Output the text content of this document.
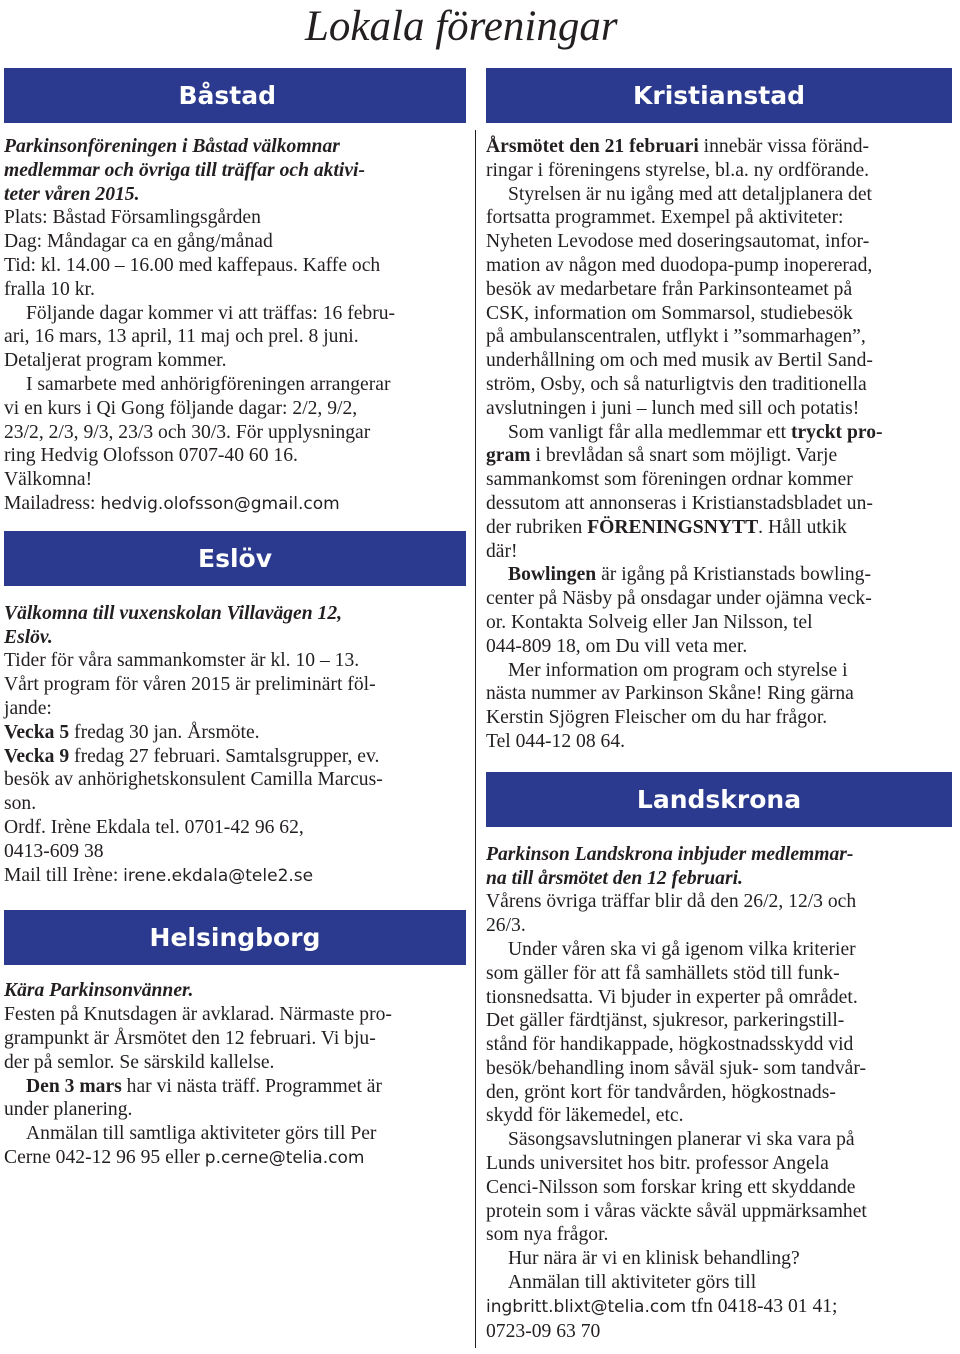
Lokala föreningar
Båstad

Parkinsonföreningen i Båstad välkomnar
medlemmar och övriga till träffar och aktivi-
teter våren 2015.

Plats: Båstad Församlingsgården
Dag: Måndagar ca en gång/månad
Tid: kl. 14.00 – 16.00 med kaffepaus. Kaffe och
fralla 10 kr.

Följande dagar kommer vi att träffas: 16 febru-
ari, 16 mars, 13 april, 11 maj och prel. 8 juni.
Detaljerat program kommer.

I samarbete med anhörigföreningen arrangerar
vi en kurs i Qi Gong följande dagar: 2/2, 9/2,
23/2, 2/3, 9/3, 23/3 och 30/3. För upplysningar
ring Hedvig Olofsson 0707-40 60 16.
Välkomna!

Mailadress: hedvig.olofsson@gmail.com

Eslöv

Välkomna till vuxenskolan Villavägen 12,
Eslöv.

Tider för våra sammankomster är kl. 10 – 13.
Vårt program för våren 2015 är preliminärt föl-
jande:
Vecka 5 fredag 30 jan. Årsmöte.
Vecka 9 fredag 27 februari. Samtalsgrupper, ev.
besök av anhörighetskonsulent Camilla Marcus-
son.
Ordf. Irène Ekdala tel. 0701-42 96 62,
0413-609 38
Mail till Irène: irene.ekdala@tele2.se

Helsingborg

Kära Parkinsonvänner.

Festen på Knutsdagen är avklarad. Närmaste pro-
grampunkt är Årsmötet den 12 februari. Vi bju-
der på semlor. Se särskild kallelse.

Den 3 mars har vi nästa träff. Programmet är

under planering.

Anmälan till samtliga aktiviteter görs till Per

Cerne 042-12 96 95 eller p.cerne@telia.com

Kristianstad

Årsmötet den 21 februari innebär vissa föränd-
ringar i föreningens styrelse, bl.a. ny ordförande.

Styrelsen är nu igång med att detaljplanera det

fortsatta programmet. Exempel på aktiviteter:
Nyheten Levodose med doseringsautomat, infor-
mation av någon med duodopa-pump inopererad,
besök av medarbetare från Parkinsonteamet på
CSK, information om Sommarsol, studiebesök
på ambulanscentralen, utflykt i ”sommarhagen”,
underhållning om och med musik av Bertil Sand-
ström, Osby, och så naturligtvis den traditionella
avslutningen i juni – lunch med sill och potatis!

Som vanligt får alla medlemmar ett tryckt pro-

gram i brevlådan så snart som möjligt. Varje
sammankomst som föreningen ordnar kommer
dessutom att annonseras i Kristianstadsbladet un-
der rubriken FÖRENINGSNYTT. Håll utkik
där!

Bowlingen är igång på Kristianstads bowling-

center på Näsby på onsdagar under ojämna veck-
or. Kontakta Solveig eller Jan Nilsson, tel
044-809 18, om Du vill veta mer.

Mer information om program och styrelse i

nästa nummer av Parkinson Skåne! Ring gärna
Kerstin Sjögren Fleischer om du har frågor.
Tel 044-12 08 64.

Landskrona

Parkinson Landskrona inbjuder medlemmar-
na till årsmötet den 12 februari.

Vårens övriga träffar blir då den 26/2, 12/3 och
26/3.

Under våren ska vi gå igenom vilka kriterier

som gäller för att få samhällets stöd till funk-
tionsnedsatta. Vi bjuder in experter på området.
Det gäller färdtjänst, sjukresor, parkeringstill-
stånd för handikappade, högkostnadsskydd vid
besök/behandling inom såväl sjuk- som tandvår-
den, grönt kort för tandvården, högkostnads-
skydd för läkemedel, etc.

Säsongsavslutningen planerar vi ska vara på

Lunds universitet hos bitr. professor Angela
Cenci-Nilsson som forskar kring ett skyddande
protein som i våras väckte såväl uppmärksamhet
som nya frågor.

Hur nära är vi en klinisk behandling?

Anmälan till aktiviteter görs till

ingbritt.blixt@telia.com tfn 0418-43 01 41;
0723-09 63 70
